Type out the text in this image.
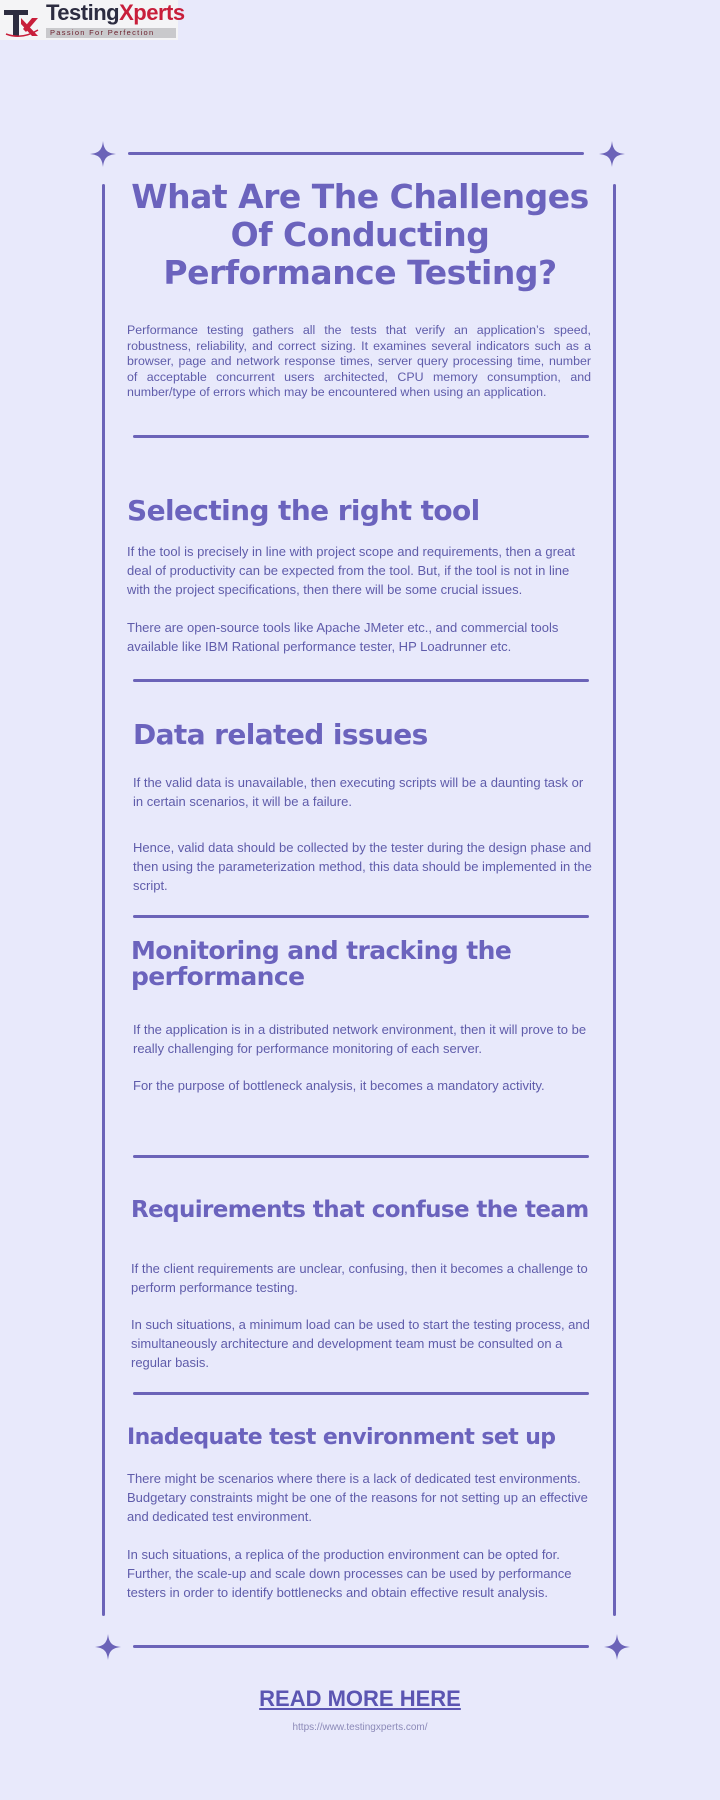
TestingXperts
Passion For Perfection
What Are The Challenges Of Conducting Performance Testing?
Performance testing gathers all the tests that verify an application’s speed, robustness, reliability, and correct sizing. It examines several indicators such as a browser, page and network response times, server query processing time, number of acceptable concurrent users architected, CPU memory consumption, and number/type of errors which may be encountered when using an application.
Selecting the right tool
If the tool is precisely in line with project scope and requirements, then a great deal of productivity can be expected from the tool. But, if the tool is not in line with the project specifications, then there will be some crucial issues.
There are open-source tools like Apache JMeter etc., and commercial tools available like IBM Rational performance tester, HP Loadrunner etc.
Data related issues
If the valid data is unavailable, then executing scripts will be a daunting task or in certain scenarios, it will be a failure.
Hence, valid data should be collected by the tester during the design phase and then using the parameterization method, this data should be implemented in the script.
Monitoring and tracking the
performance
If the application is in a distributed network environment, then it will prove to be really challenging for performance monitoring of each server.
For the purpose of bottleneck analysis, it becomes a mandatory activity.
Requirements that confuse the team
If the client requirements are unclear, confusing, then it becomes a challenge to perform performance testing.
In such situations, a minimum load can be used to start the testing process, and simultaneously architecture and development team must be consulted on a regular basis.
Inadequate test environment set up
There might be scenarios where there is a lack of dedicated test environments. Budgetary constraints might be one of the reasons for not setting up an effective and dedicated test environment.
In such situations, a replica of the production environment can be opted for. Further, the scale-up and scale down processes can be used by performance testers in order to identify bottlenecks and obtain effective result analysis.
READ MORE HERE
https://www.testingxperts.com/
